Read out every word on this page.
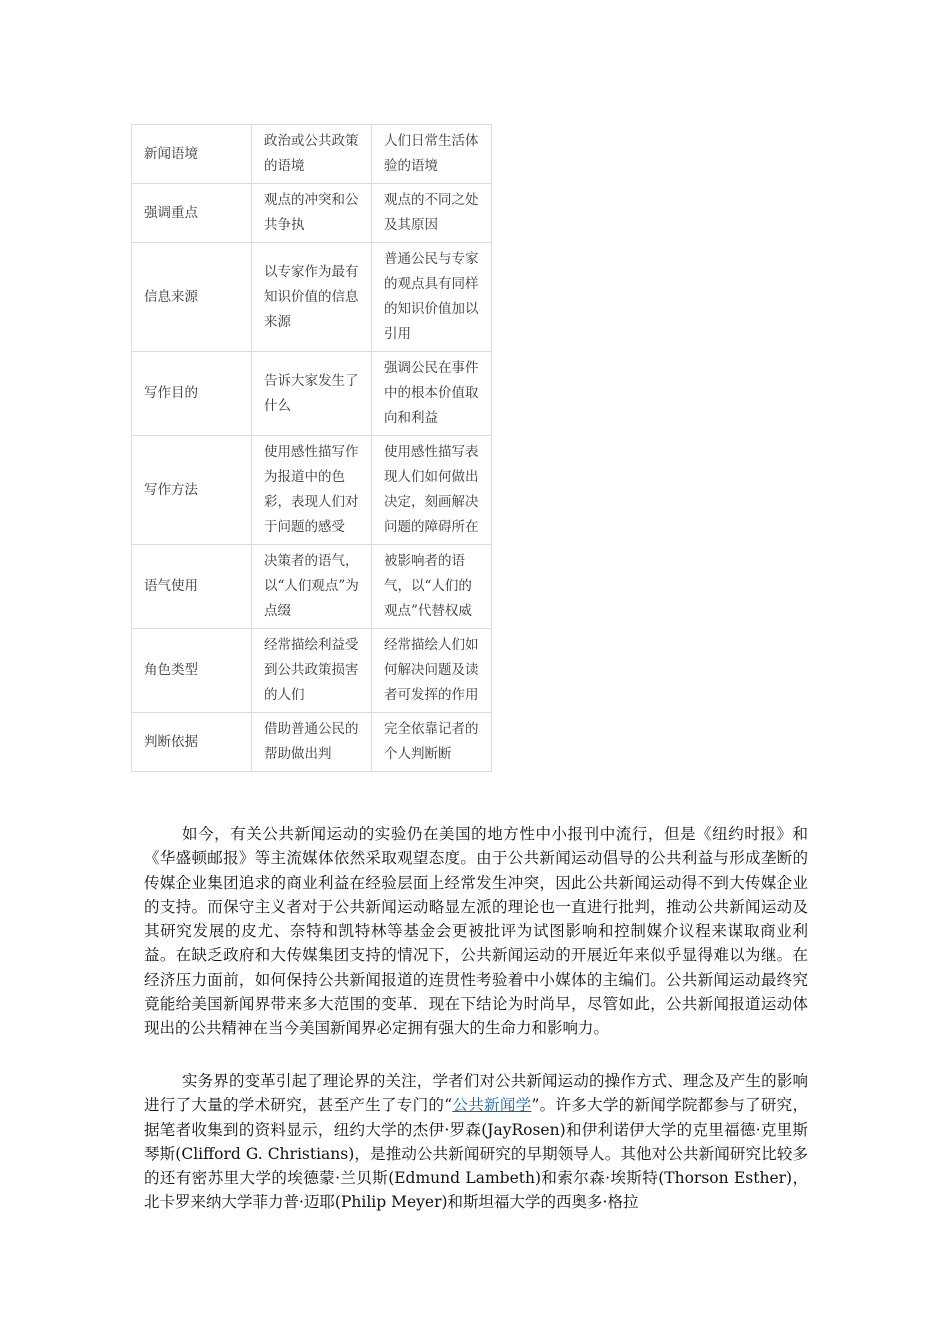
新闻语境	政治或公共政策的语境	人们日常生活体验的语境
强调重点	观点的冲突和公共争执	观点的不同之处及其原因
信息来源	以专家作为最有知识价值的信息来源	普通公民与专家的观点具有同样的知识价值加以引用
写作目的	告诉大家发生了什么	强调公民在事件中的根本价值取向和利益
写作方法	使用感性描写作为报道中的色彩，表现人们对于问题的感受	使用感性描写表现人们如何做出决定，刻画解决问题的障碍所在
语气使用	决策者的语气，以“人们观点”为点缀	被影响者的语气，以“人们的观点”代替权威
角色类型	经常描绘利益受到公共政策损害的人们	经常描绘人们如何解决问题及读者可发挥的作用
判断依据	借助普通公民的帮助做出判	完全依靠记者的个人判断断

如今，有关公共新闻运动的实验仍在美国的地方性中小报刊中流行，但是《纽约时报》和《华盛顿邮报》等主流媒体依然采取观望态度。由于公共新闻运动倡导的公共利益与形成垄断的传媒企业集团追求的商业利益在经验层面上经常发生冲突，因此公共新闻运动得不到大传媒企业的支持。而保守主义者对于公共新闻运动略显左派的理论也一直进行批判，推动公共新闻运动及其研究发展的皮尤、奈特和凯特林等基金会更被批评为试图影响和控制媒介议程来谋取商业利益。在缺乏政府和大传媒集团支持的情况下，公共新闻运动的开展近年来似乎显得难以为继。在经济压力面前，如何保持公共新闻报道的连贯性考验着中小媒体的主编们。公共新闻运动最终究竟能给美国新闻界带来多大范围的变革．现在下结论为时尚早，尽管如此，公共新闻报道运动体现出的公共精神在当今美国新闻界必定拥有强大的生命力和影响力。

实务界的变革引起了理论界的关注，学者们对公共新闻运动的操作方式、理念及产生的影响进行了大量的学术研究，甚至产生了专门的“公共新闻学”。许多大学的新闻学院都参与了研究，据笔者收集到的资料显示，纽约大学的杰伊·罗森(JayRosen)和伊利诺伊大学的克里福德·克里斯琴斯(Clifford G. Christians)，是推动公共新闻研究的早期领导人。其他对公共新闻研究比较多的还有密苏里大学的埃德蒙·兰贝斯(Edmund Lambeth)和索尔森·埃斯特(Thorson Esther)，北卡罗来纳大学菲力普·迈耶(Philip Meyer)和斯坦福大学的西奥多·格拉
